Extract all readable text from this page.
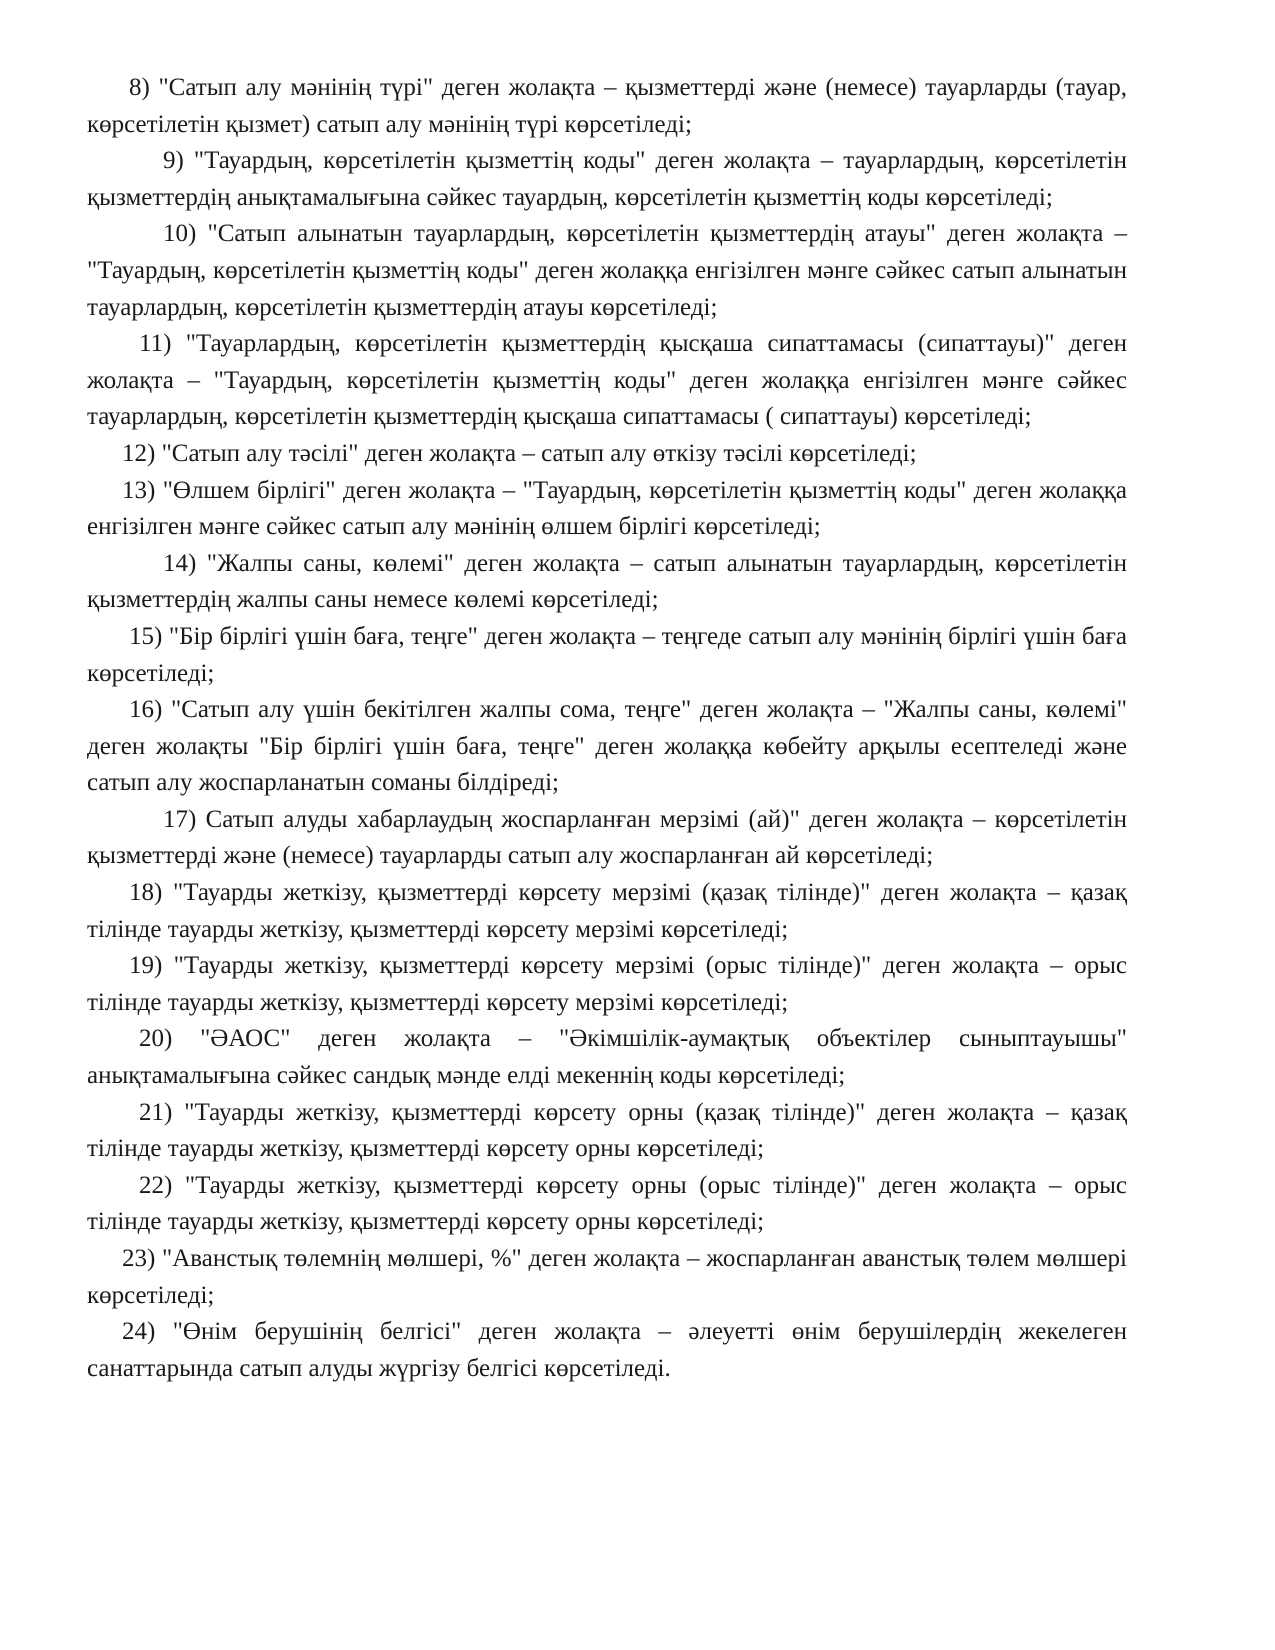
8) "Сатып алу мәнінің түрі" деген жолақта – қызметтерді және (немесе) тауарларды (тауар, көрсетілетін қызмет) сатып алу мәнінің түрі көрсетіледі;

9) "Тауардың, көрсетілетін қызметтің коды" деген жолақта – тауарлардың, көрсетілетін қызметтердің анықтамалығына сәйкес тауардың, көрсетілетін қызметтің коды көрсетіледі;

10) "Сатып алынатын тауарлардың, көрсетілетін қызметтердің атауы" деген жолақта – "Тауардың, көрсетілетін қызметтің коды" деген жолаққа енгізілген мәнге сәйкес сатып алынатын тауарлардың, көрсетілетін қызметтердің атауы көрсетіледі;

11) "Тауарлардың, көрсетілетін қызметтердің қысқаша сипаттамасы (сипаттауы)" деген жолақта – "Тауардың, көрсетілетін қызметтің коды" деген жолаққа енгізілген мәнге сәйкес тауарлардың, көрсетілетін қызметтердің қысқаша сипаттамасы ( сипаттауы) көрсетіледі;

12) "Сатып алу тәсілі" деген жолақта – сатып алу өткізу тәсілі көрсетіледі;

13) "Өлшем бірлігі" деген жолақта – "Тауардың, көрсетілетін қызметтің коды" деген жолаққа енгізілген мәнге сәйкес сатып алу мәнінің өлшем бірлігі көрсетіледі;

14) "Жалпы саны, көлемі" деген жолақта – сатып алынатын тауарлардың, көрсетілетін қызметтердің жалпы саны немесе көлемі көрсетіледі;

15) "Бір бірлігі үшін баға, теңге" деген жолақта – теңгеде сатып алу мәнінің бірлігі үшін баға көрсетіледі;

16) "Сатып алу үшін бекітілген жалпы сома, теңге" деген жолақта – "Жалпы саны, көлемі" деген жолақты "Бір бірлігі үшін баға, теңге" деген жолаққа көбейту арқылы есептеледі және сатып алу жоспарланатын соманы білдіреді;

17) Сатып алуды хабарлаудың жоспарланған мерзімі (ай)" деген жолақта – көрсетілетін қызметтерді және (немесе) тауарларды сатып алу жоспарланған ай көрсетіледі;

18) "Тауарды жеткізу, қызметтерді көрсету мерзімі (қазақ тілінде)" деген жолақта – қазақ тілінде тауарды жеткізу, қызметтерді көрсету мерзімі көрсетіледі;

19) "Тауарды жеткізу, қызметтерді көрсету мерзімі (орыс тілінде)" деген жолақта – орыс тілінде тауарды жеткізу, қызметтерді көрсету мерзімі көрсетіледі;

20) "ӘАОС" деген жолақта – "Әкімшілік-аумақтық объектілер сыныптауышы" анықтамалығына сәйкес сандық мәнде елді мекеннің коды көрсетіледі;

21) "Тауарды жеткізу, қызметтерді көрсету орны (қазақ тілінде)" деген жолақта – қазақ тілінде тауарды жеткізу, қызметтерді көрсету орны көрсетіледі;

22) "Тауарды жеткізу, қызметтерді көрсету орны (орыс тілінде)" деген жолақта – орыс тілінде тауарды жеткізу, қызметтерді көрсету орны көрсетіледі;

23) "Аванстық төлемнің мөлшері, %" деген жолақта – жоспарланған аванстық төлем мөлшері көрсетіледі;

24) "Өнім берушінің белгісі" деген жолақта – әлеуетті өнім берушілердің жекелеген санаттарында сатып алуды жүргізу белгісі көрсетіледі.
